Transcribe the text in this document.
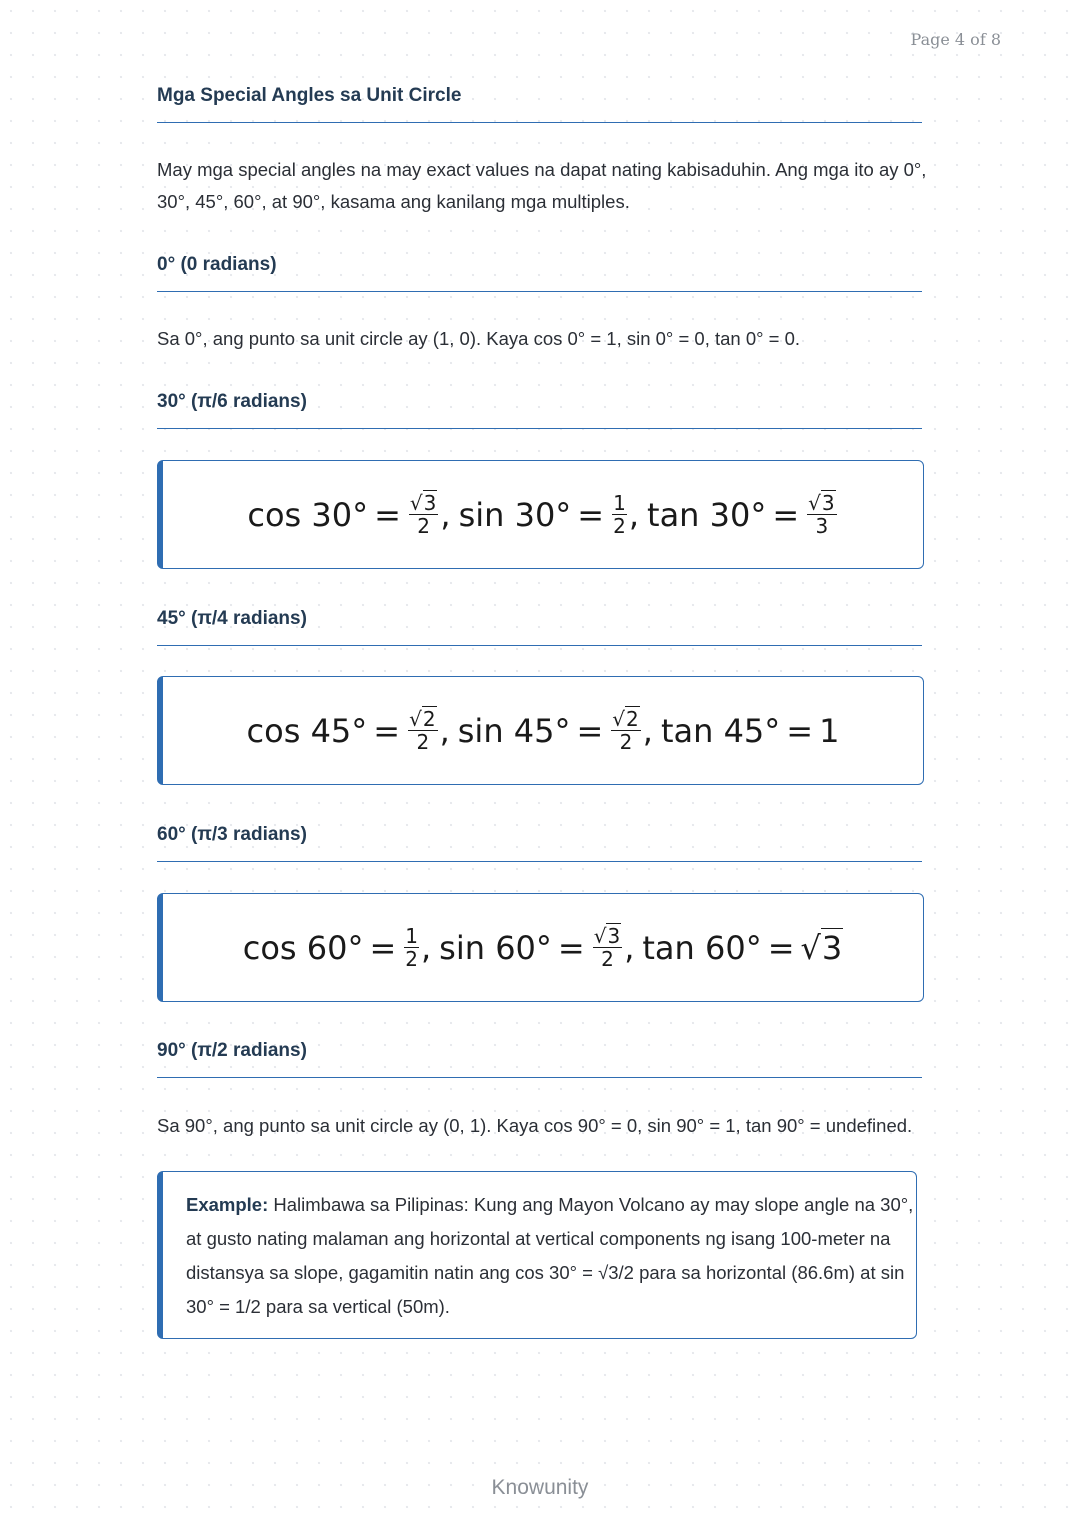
Page 4 of 8
Mga Special Angles sa Unit Circle
May mga special angles na may exact values na dapat nating kabisaduhin. Ang mga ito ay 0°, 30°, 45°, 60°, at 90°, kasama ang kanilang mga multiples.
0° (0 radians)
Sa 0°, ang punto sa unit circle ay (1, 0). Kaya cos 0° = 1, sin 0° = 0, tan 0° = 0.
30° (π/6 radians)
$\cos 30^\circ = \frac{√3}{2}$ , $\sin 30^\circ = \frac{1}{2}$ , $\tan 30^\circ = \frac{√3}{3}$
45° (π/4 radians)
$\cos 45^\circ = \frac{√2}{2}$ , $\sin 45^\circ = \frac{√2}{2}$ , tan 45° = 1
60° (π/3 radians)
$\cos 60^\circ = \frac{1}{2}$ , $\sin 60^\circ = \frac{√3}{2}$ , tan 60° = √3
90° (π/2 radians)
Sa 90°, ang punto sa unit circle ay (0, 1). Kaya cos 90° = 0, sin 90° = 1, tan 90° = undefined.
Example: Halimbawa sa Pilipinas: Kung ang Mayon Volcano ay may slope angle na 30°, at gusto nating malaman ang horizontal at vertical components ng isang 100-meter na distansya sa slope, gagamitin natin ang cos 30° = √3/2 para sa horizontal (86.6m) at sin 30° = 1/2 para sa vertical (50m).
Knowunity
